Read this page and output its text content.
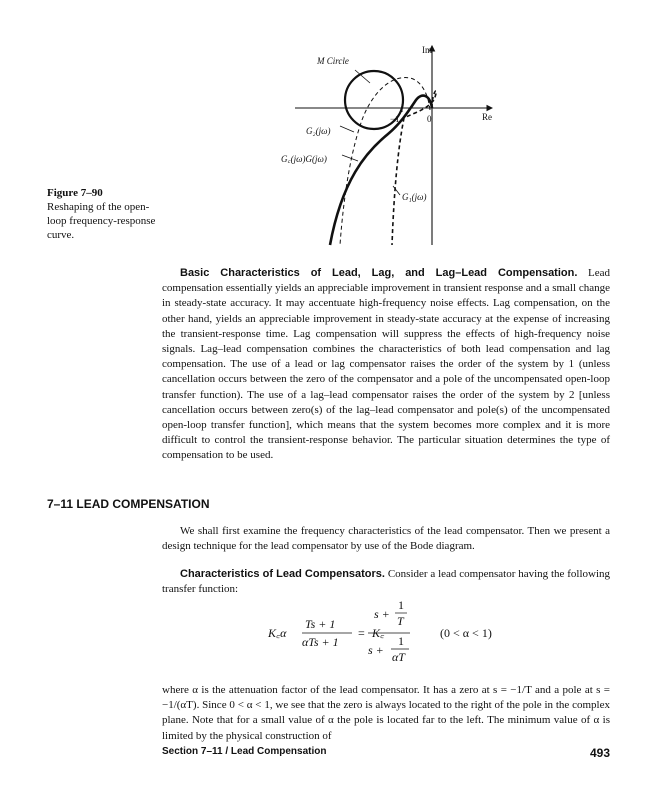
Im
Re
M Circle
−1	0
G₂(jω)
G꜀(jω)G(jω)
G₁(jω)
Figure 7–90
Reshaping of the open-loop frequency-response curve.
Basic Characteristics of Lead, Lag, and Lag–Lead Compensation. Lead compensation essentially yields an appreciable improvement in transient response and a small change in steady-state accuracy. It may accentuate high-frequency noise effects. Lag compensation, on the other hand, yields an appreciable improvement in steady-state accuracy at the expense of increasing the transient-response time. Lag compensation will suppress the effects of high-frequency noise signals. Lag–lead compensation combines the characteristics of both lead compensation and lag compensation. The use of a lead or lag compensator raises the order of the system by 1 (unless cancellation occurs between the zero of the compensator and a pole of the uncompensated open-loop transfer function). The use of a lag–lead compensator raises the order of the system by 2 [unless cancellation occurs between zero(s) of the lag–lead compensator and pole(s) of the uncompensated open-loop transfer function], which means that the system becomes more complex and it is more difficult to control the transient-response behavior. The particular situation determines the type of compensation to be used.
7–11 LEAD COMPENSATION
We shall first examine the frequency characteristics of the lead compensator. Then we present a design technique for the lead compensator by use of the Bode diagram.
Characteristics of Lead Compensators. Consider a lead compensator having the following transfer function:
K꜀α
Ts + 1
αTs + 1
= K꜀
s +
1
T
s +
1
αT
(0 < α < 1)
where α is the attenuation factor of the lead compensator. It has a zero at s = −1/T and a pole at s = −1/(αT). Since 0 < α < 1, we see that the zero is always located to the right of the pole in the complex plane. Note that for a small value of α the pole is located far to the left. The minimum value of α is limited by the physical construction of
Section 7–11 / Lead Compensation	493
